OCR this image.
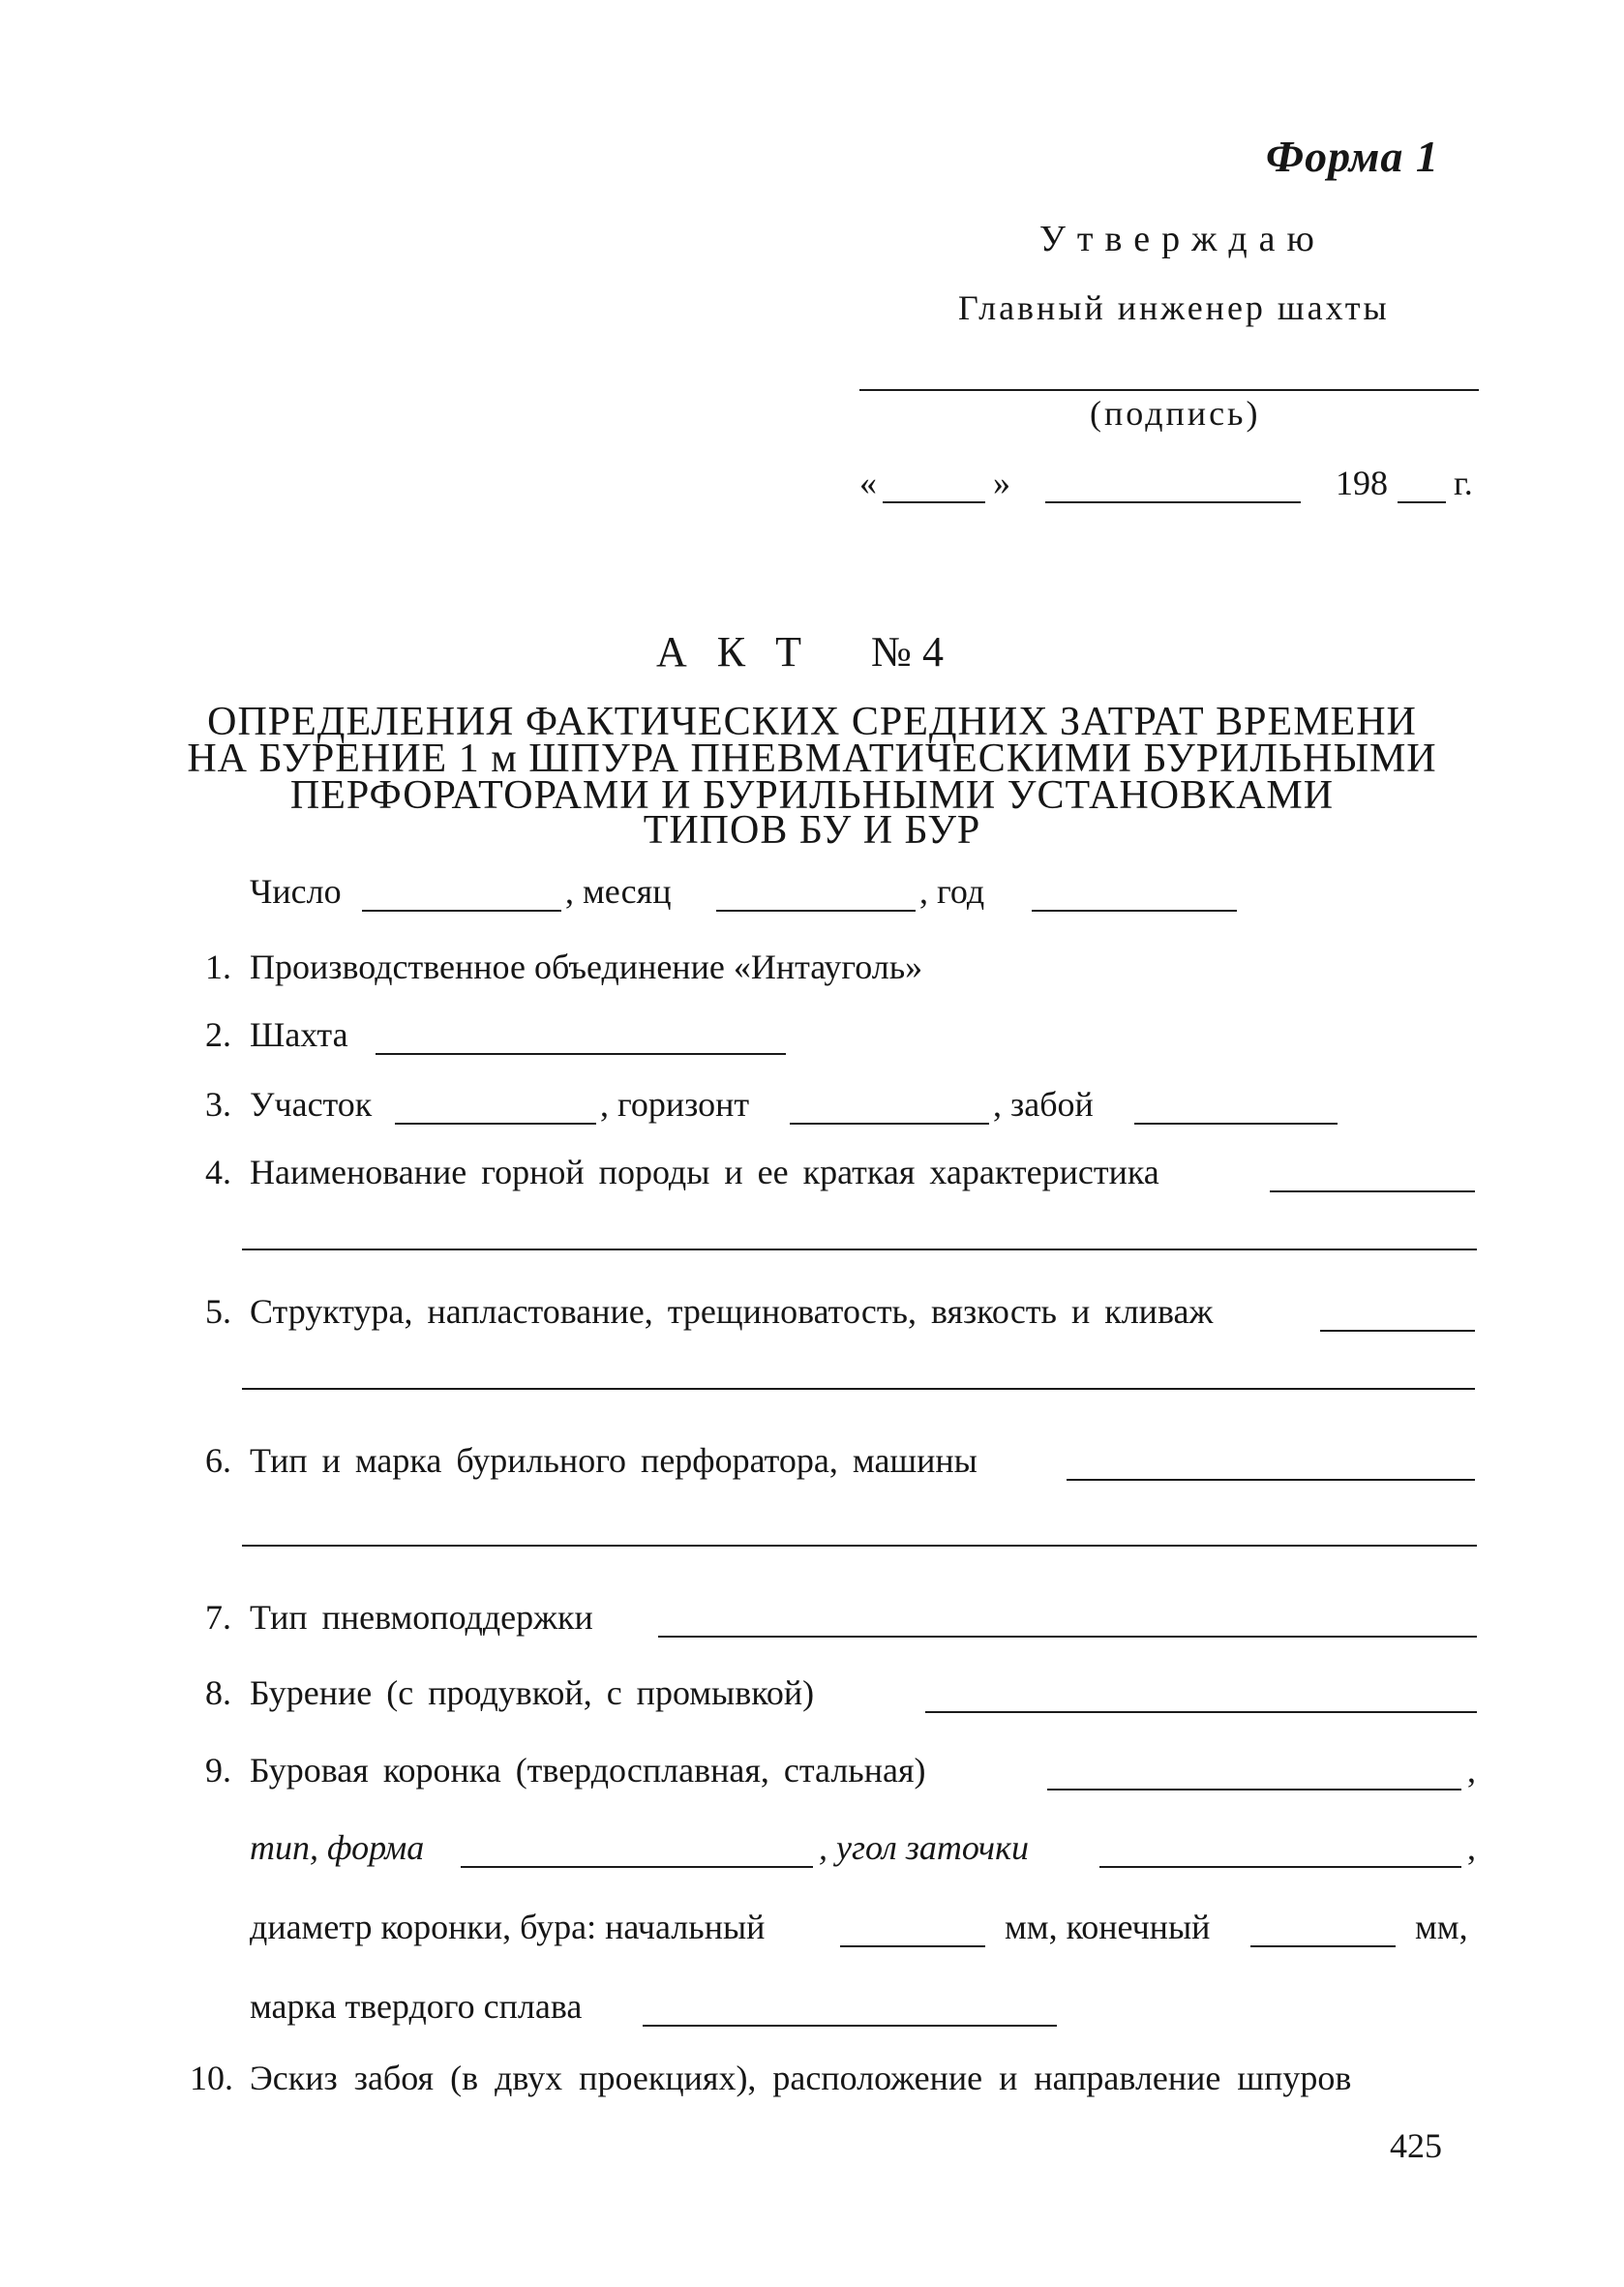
Форма 1
Утверждаю
Главный инженер шахты
(подпись)
«	»	198 г.
А К Т № 4
ОПРЕДЕЛЕНИЯ ФАКТИЧЕСКИХ СРЕДНИХ ЗАТРАТ ВРЕМЕНИ
НА БУРЕНИЕ 1 м ШПУРА ПНЕВМАТИЧЕСКИМИ БУРИЛЬНЫМИ
ПЕРФОРАТОРАМИ И БУРИЛЬНЫМИ УСТАНОВКАМИ
ТИПОВ БУ И БУР
Число	, месяц	, год
1. Производственное объединение «Интауголь»
2. Шахта
3. Участок	, горизонт	, забой
4. Наименование горной породы и ее краткая характеристика
5. Структура, напластование, трещиноватость, вязкость и кливаж
6. Тип и марка бурильного перфоратора, машины
7. Тип пневмоподдержки
8. Бурение (с продувкой, с промывкой)
9. Буровая коронка (твердосплавная, стальная)	,
тип, форма	, угол заточки	,
диаметр коронки, бура: начальный	мм, конечный	мм,
марка твердого сплава
10. Эскиз забоя (в двух проекциях), расположение и направление шпуров
425
